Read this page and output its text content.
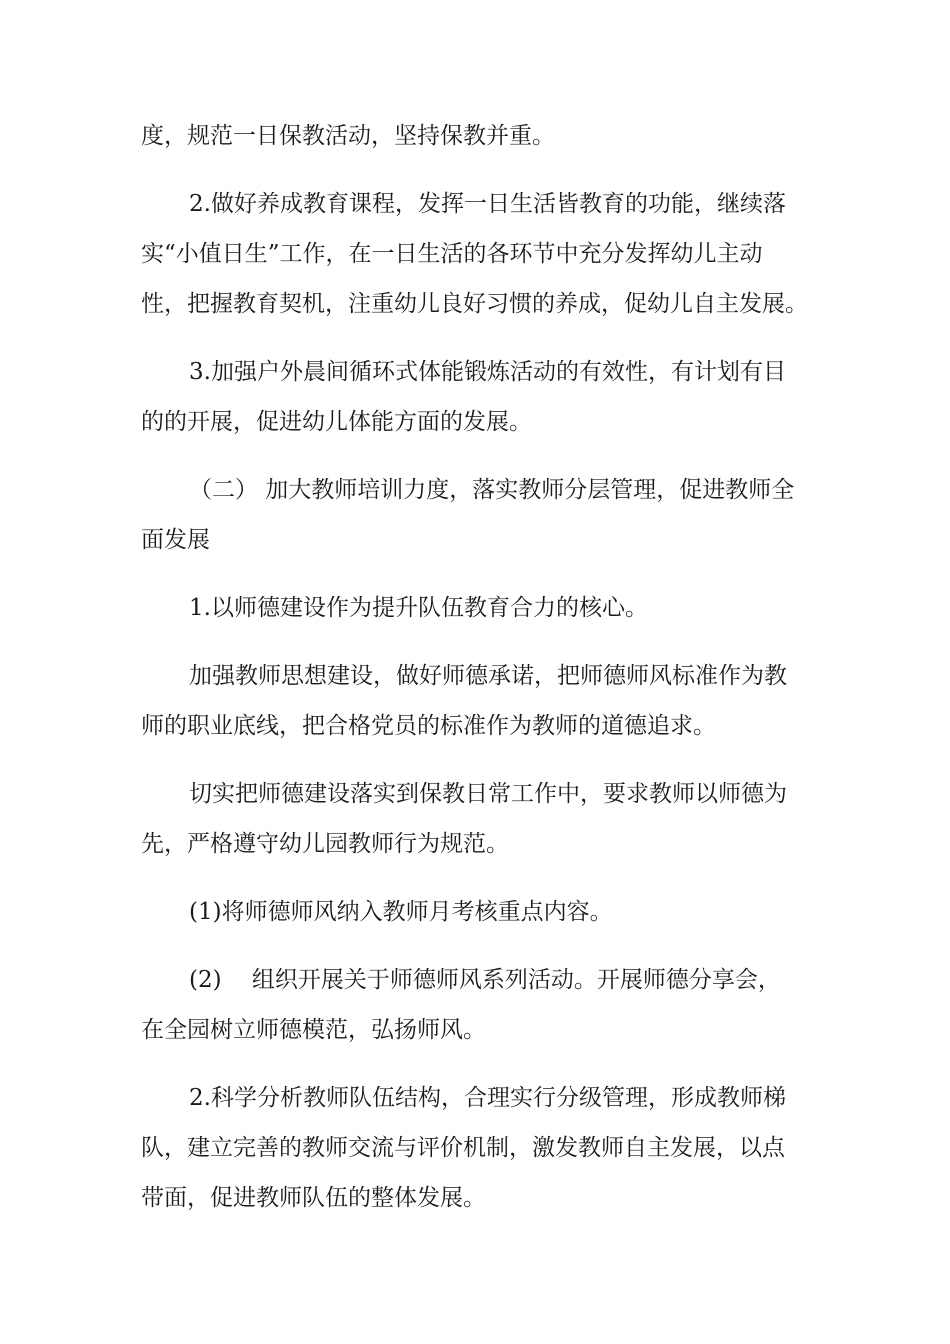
度，规范一日保教活动，坚持保教并重。
2.做好养成教育课程，发挥一日生活皆教育的功能，继续落
实“小值日生”工作，在一日生活的各环节中充分发挥幼儿主动
性，把握教育契机，注重幼儿良好习惯的养成，促幼儿自主发展。
3.加强户外晨间循环式体能锻炼活动的有效性，有计划有目
的的开展，促进幼儿体能方面的发展。
（二） 加大教师培训力度，落实教师分层管理，促进教师全
面发展
1.以师德建设作为提升队伍教育合力的核心。
加强教师思想建设，做好师德承诺，把师德师风标准作为教
师的职业底线，把合格党员的标准作为教师的道德追求。
切实把师德建设落实到保教日常工作中，要求教师以师德为
先，严格遵守幼儿园教师行为规范。
(1)将师德师风纳入教师月考核重点内容。
(2)　 组织开展关于师德师风系列活动。开展师德分享会，
在全园树立师德模范，弘扬师风。
2.科学分析教师队伍结构，合理实行分级管理，形成教师梯
队，建立完善的教师交流与评价机制，激发教师自主发展，以点
带面，促进教师队伍的整体发展。
